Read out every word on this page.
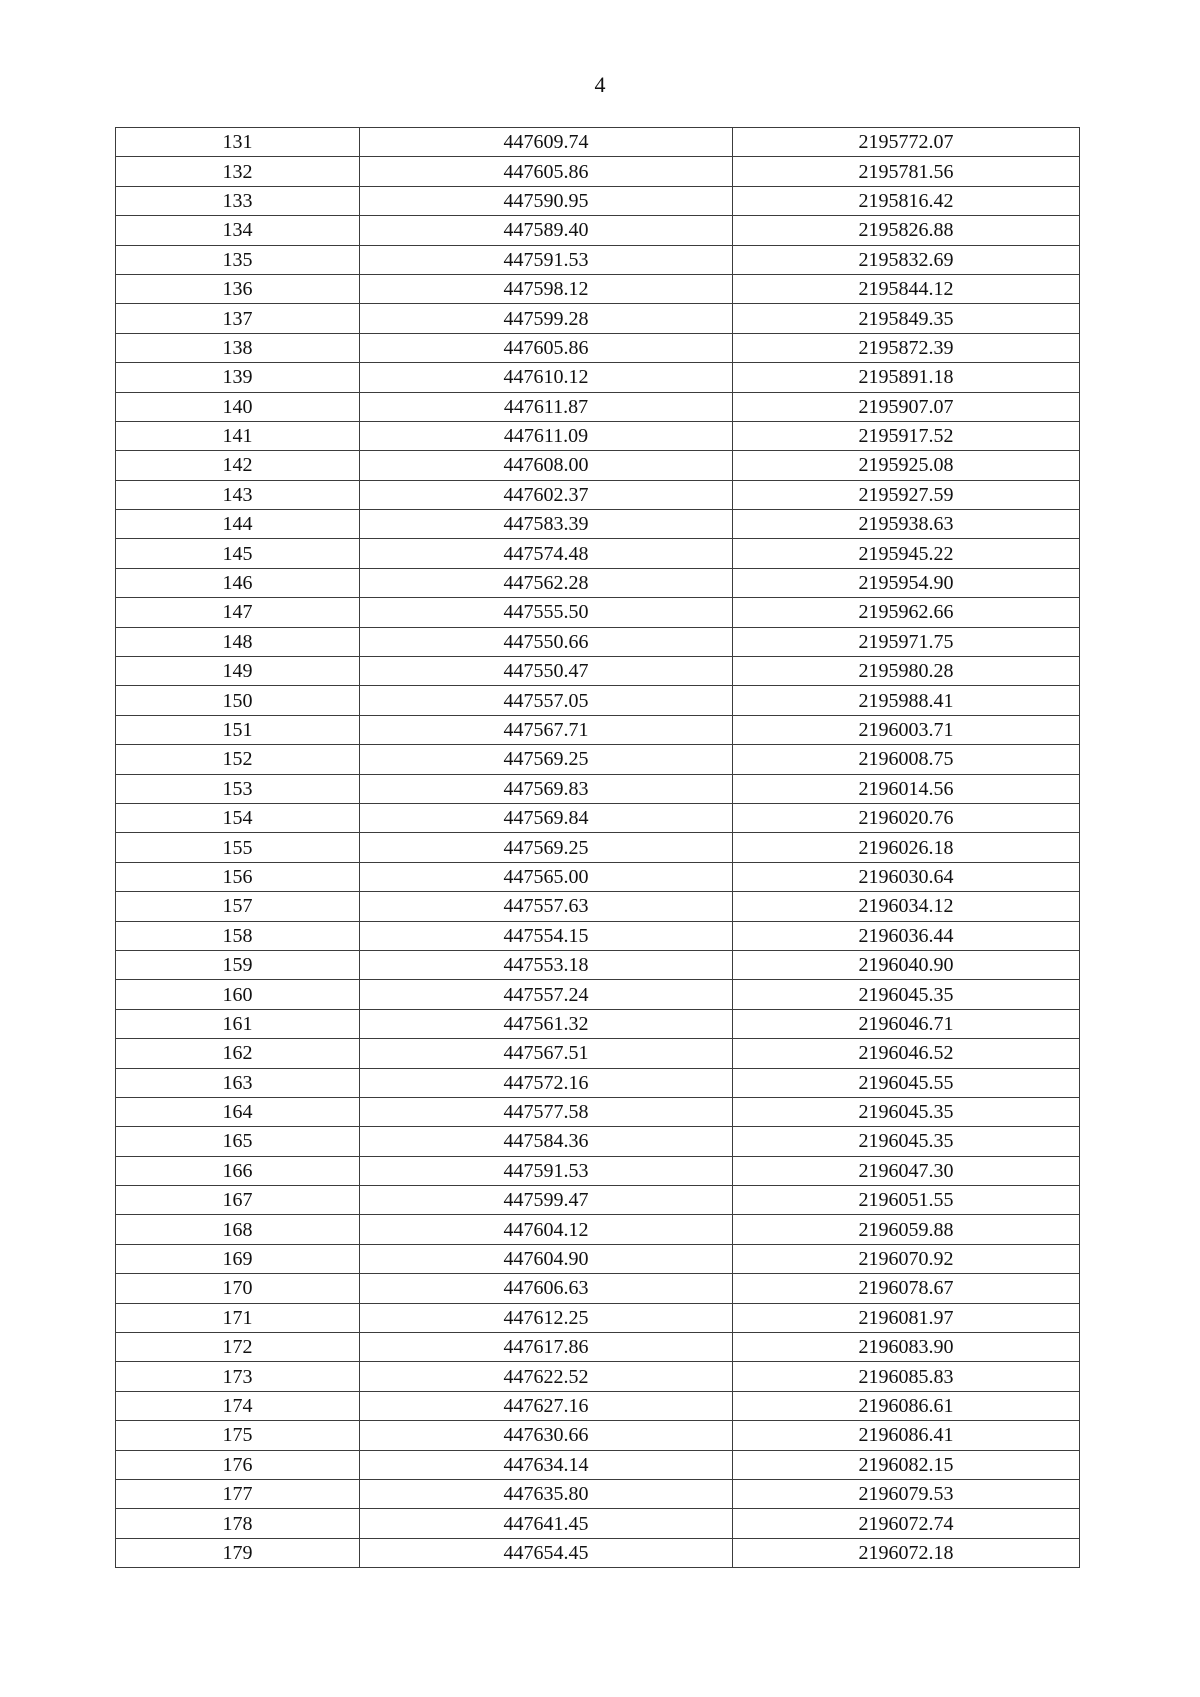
4
131	447609.74	2195772.07
132	447605.86	2195781.56
133	447590.95	2195816.42
134	447589.40	2195826.88
135	447591.53	2195832.69
136	447598.12	2195844.12
137	447599.28	2195849.35
138	447605.86	2195872.39
139	447610.12	2195891.18
140	447611.87	2195907.07
141	447611.09	2195917.52
142	447608.00	2195925.08
143	447602.37	2195927.59
144	447583.39	2195938.63
145	447574.48	2195945.22
146	447562.28	2195954.90
147	447555.50	2195962.66
148	447550.66	2195971.75
149	447550.47	2195980.28
150	447557.05	2195988.41
151	447567.71	2196003.71
152	447569.25	2196008.75
153	447569.83	2196014.56
154	447569.84	2196020.76
155	447569.25	2196026.18
156	447565.00	2196030.64
157	447557.63	2196034.12
158	447554.15	2196036.44
159	447553.18	2196040.90
160	447557.24	2196045.35
161	447561.32	2196046.71
162	447567.51	2196046.52
163	447572.16	2196045.55
164	447577.58	2196045.35
165	447584.36	2196045.35
166	447591.53	2196047.30
167	447599.47	2196051.55
168	447604.12	2196059.88
169	447604.90	2196070.92
170	447606.63	2196078.67
171	447612.25	2196081.97
172	447617.86	2196083.90
173	447622.52	2196085.83
174	447627.16	2196086.61
175	447630.66	2196086.41
176	447634.14	2196082.15
177	447635.80	2196079.53
178	447641.45	2196072.74
179	447654.45	2196072.18
